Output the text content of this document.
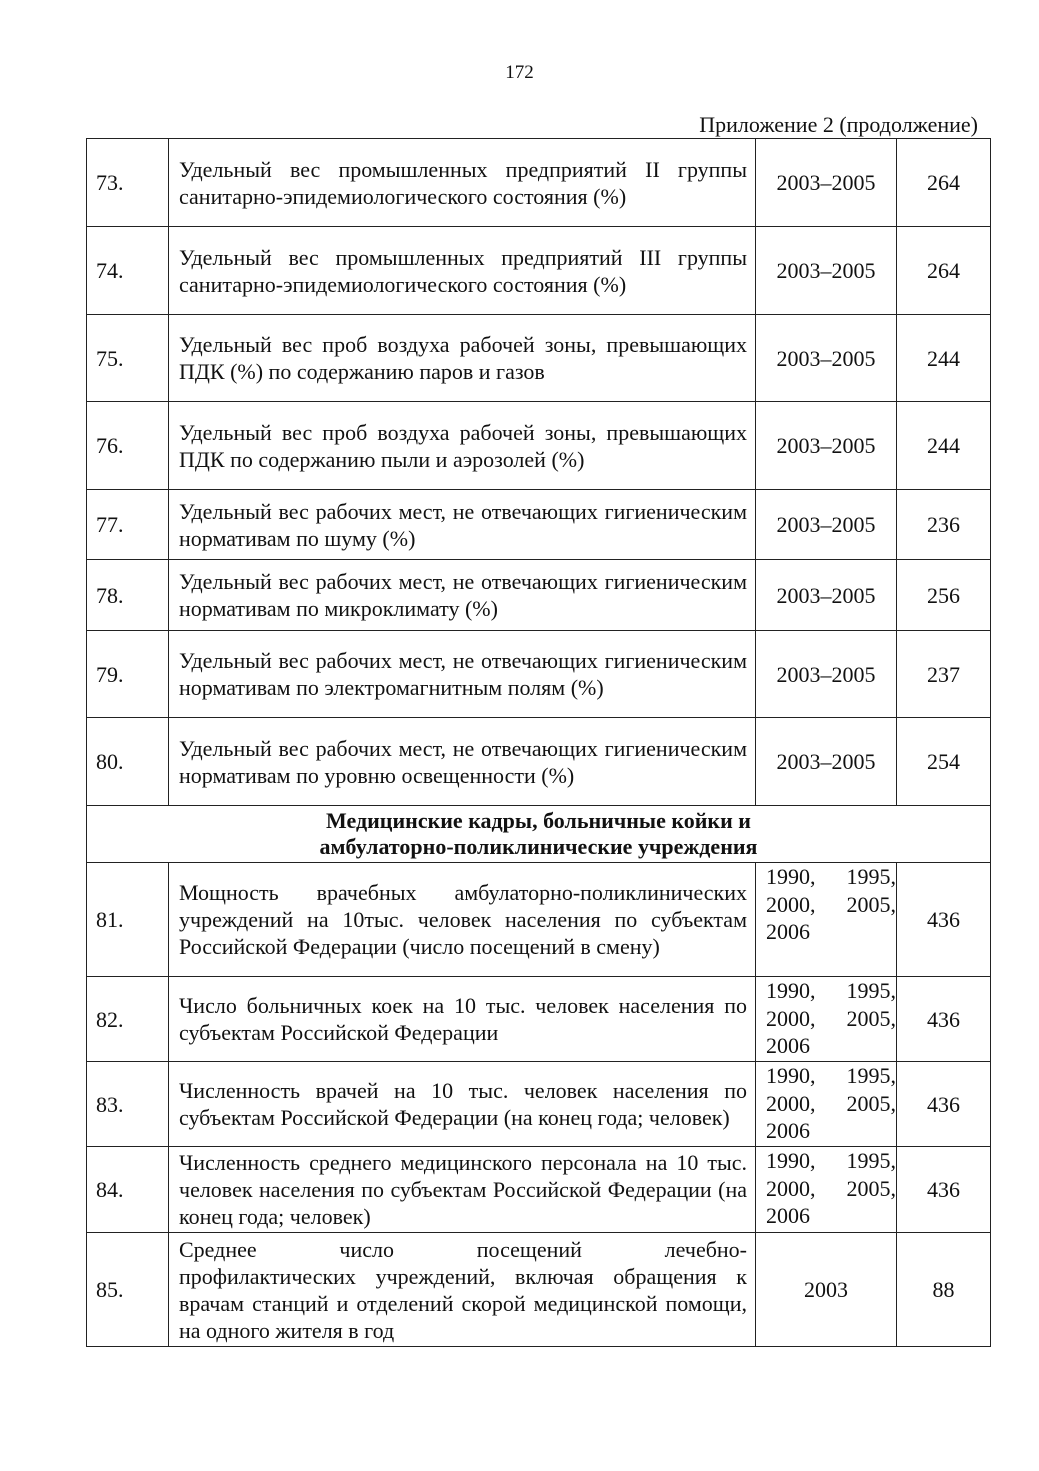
172
Приложение 2 (продолжение)
73.	Удельный вес промышленных предприятий II группы санитарно-эпидемиологического состояния (%)	2003–2005	264
74.	Удельный вес промышленных предприятий III группы санитарно-эпидемиологического состояния (%)	2003–2005	264
75.	Удельный вес проб воздуха рабочей зоны, превышающих ПДК (%) по содержанию паров и газов	2003–2005	244
76.	Удельный вес проб воздуха рабочей зоны, превышающих ПДК по содержанию пыли и аэрозолей (%)	2003–2005	244
77.	Удельный вес рабочих мест, не отвечающих гигиеническим нормативам по шуму (%)	2003–2005	236
78.	Удельный вес рабочих мест, не отвечающих гигиеническим нормативам по микроклимату (%)	2003–2005	256
79.	Удельный вес рабочих мест, не отвечающих гигиеническим нормативам по электромагнитным полям (%)	2003–2005	237
80.	Удельный вес рабочих мест, не отвечающих гигиеническим нормативам по уровню освещенности (%)	2003–2005	254

Медицинские кадры, больничные койки и
амбулаторно-поликлинические учреждения			

81.	Мощность врачебных амбулаторно-поликлинических учреждений на 10тыс. человек населения по субъектам Российской Федерации (число посещений в смену)	1990, 1995,
2000, 2005,
2006	436
82.	Число больничных коек на 10 тыс. человек населения по субъектам Российской Федерации	1990, 1995,
2000, 2005,
2006	436
83.	Численность врачей на 10 тыс. человек населения по субъектам Российской Федерации (на конец года; человек)	1990, 1995,
2000, 2005,
2006	436
84.	Численность среднего медицинского персонала на 10 тыс. человек населения по субъектам Российской Федерации (на конец года; человек)	1990, 1995,
2000, 2005,
2006	436
85.	Среднее число посещений лечебно-
профилактических учреждений, включая обращения к врачам станций и отделений скорой медицинской помощи, на одного жителя в год	2003	88
